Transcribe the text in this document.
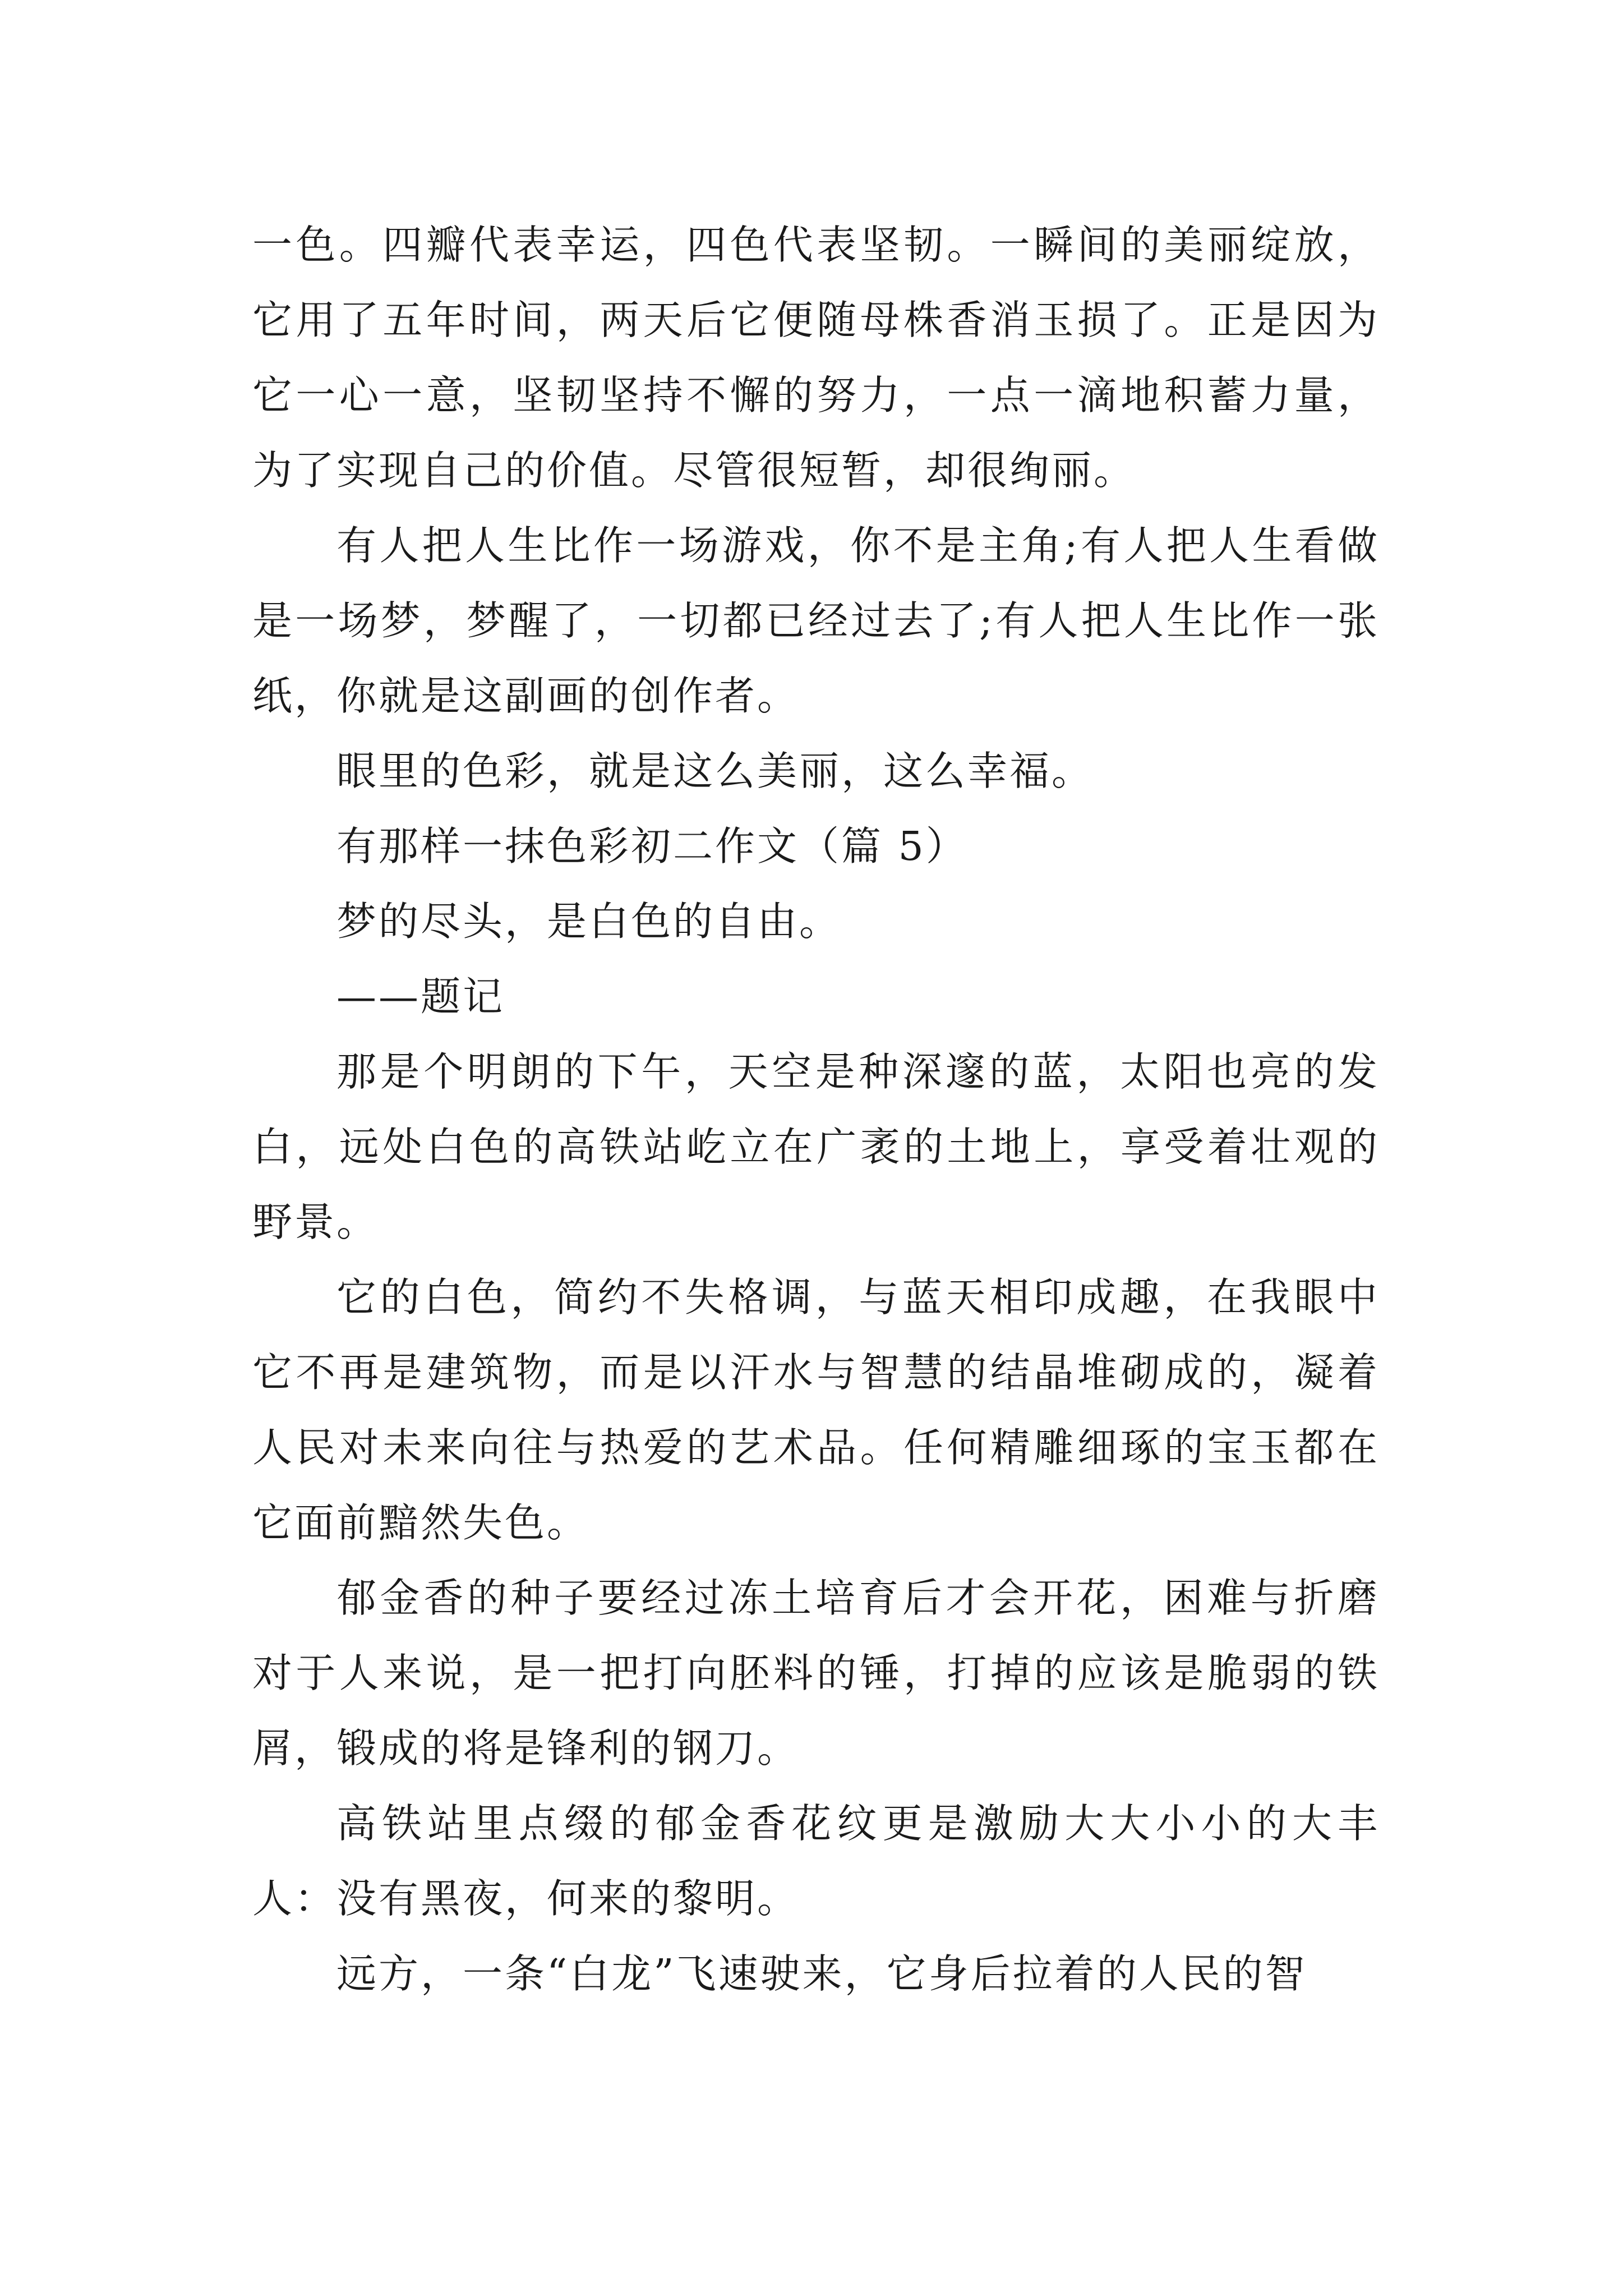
一色。四瓣代表幸运，四色代表坚韧。一瞬间的美丽绽放，它用了五年时间，两天后它便随母株香消玉损了。正是因为它一心一意，坚韧坚持不懈的努力，一点一滴地积蓄力量，为了实现自己的价值。尽管很短暂，却很绚丽。

有人把人生比作一场游戏，你不是主角;有人把人生看做是一场梦，梦醒了，一切都已经过去了;有人把人生比作一张纸，你就是这副画的创作者。

眼里的色彩，就是这么美丽，这么幸福。

有那样一抹色彩初二作文（篇 5）

梦的尽头，是白色的自由。

——题记

那是个明朗的下午，天空是种深邃的蓝，太阳也亮的发白，远处白色的高铁站屹立在广袤的土地上，享受着壮观的野景。

它的白色，简约不失格调，与蓝天相印成趣，在我眼中它不再是建筑物，而是以汗水与智慧的结晶堆砌成的，凝着人民对未来向往与热爱的艺术品。任何精雕细琢的宝玉都在它面前黯然失色。

郁金香的种子要经过冻土培育后才会开花，困难与折磨对于人来说，是一把打向胚料的锤，打掉的应该是脆弱的铁屑，锻成的将是锋利的钢刀。

高铁站里点缀的郁金香花纹更是激励大大小小的大丰人：没有黑夜，何来的黎明。

远方，一条“白龙”飞速驶来，它身后拉着的人民的智
